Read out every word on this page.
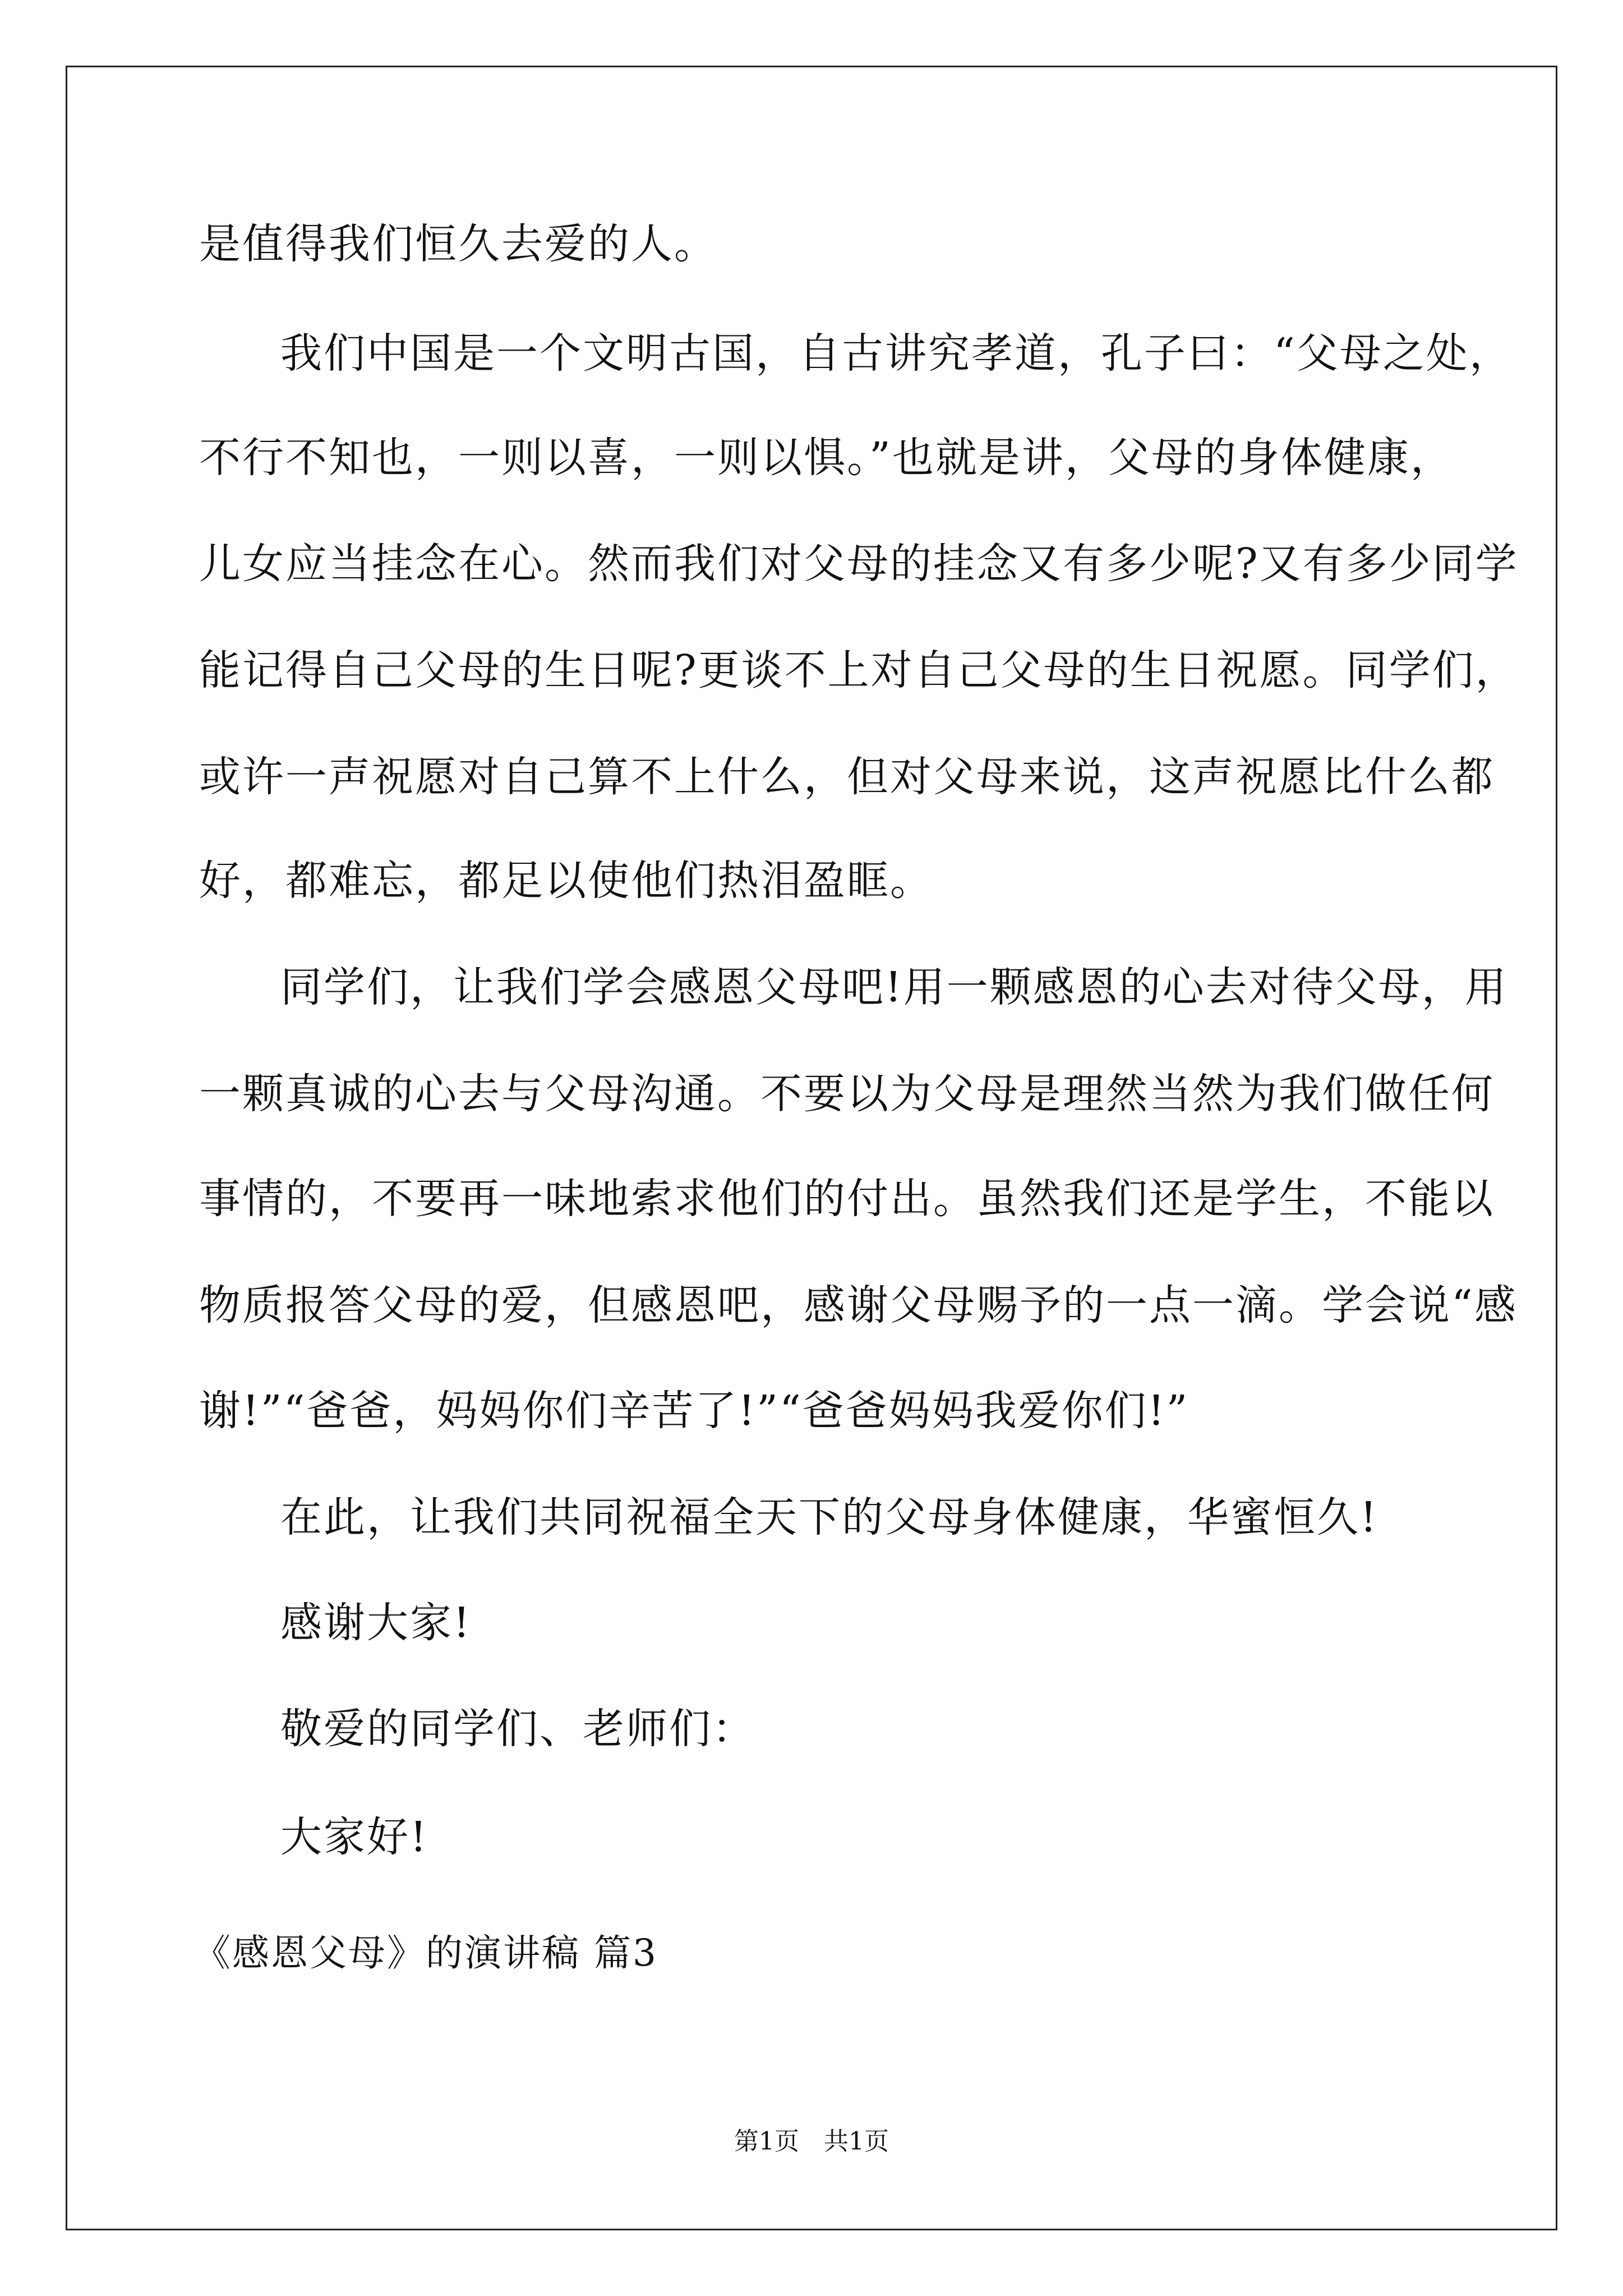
是值得我们恒久去爱的人。
我们中国是一个文明古国，自古讲究孝道，孔子曰：“父母之处，
不行不知也，一则以喜，一则以惧。”也就是讲，父母的身体健康，
儿女应当挂念在心。然而我们对父母的挂念又有多少呢?又有多少同学
能记得自己父母的生日呢?更谈不上对自己父母的生日祝愿。同学们，
或许一声祝愿对自己算不上什么，但对父母来说，这声祝愿比什么都
好，都难忘，都足以使他们热泪盈眶。
同学们，让我们学会感恩父母吧!用一颗感恩的心去对待父母，用
一颗真诚的心去与父母沟通。不要以为父母是理然当然为我们做任何
事情的，不要再一味地索求他们的付出。虽然我们还是学生，不能以
物质报答父母的爱，但感恩吧，感谢父母赐予的一点一滴。学会说“感
谢!”“爸爸，妈妈你们辛苦了!”“爸爸妈妈我爱你们!”
在此，让我们共同祝福全天下的父母身体健康，华蜜恒久!
感谢大家!
敬爱的同学们、老师们：
大家好!
《感恩父母》的演讲稿 篇3
第1页　共1页
